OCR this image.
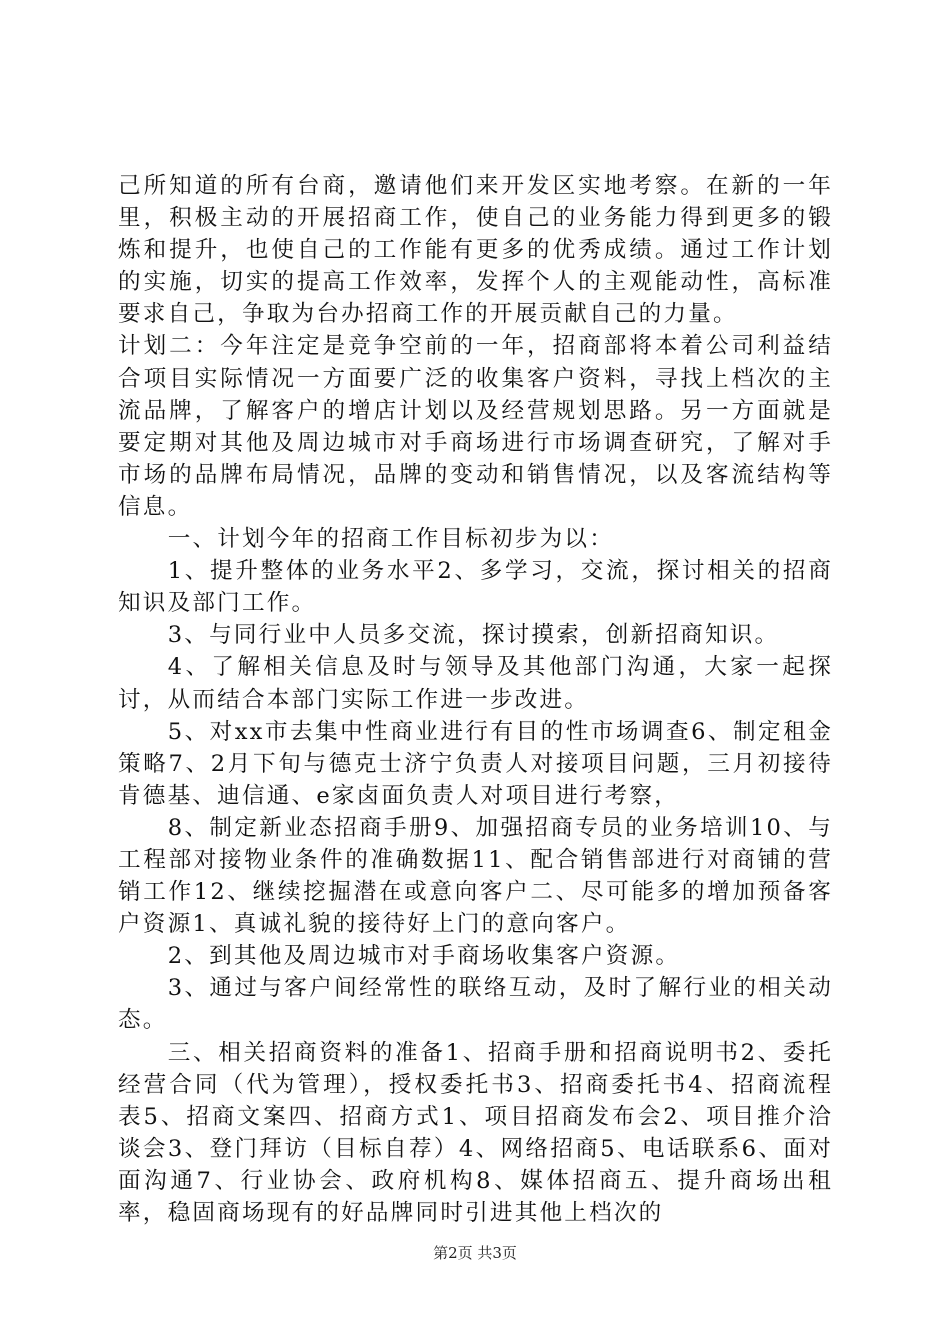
己所知道的所有台商，邀请他们来开发区实地考察。在新的一年里，积极主动的开展招商工作，使自己的业务能力得到更多的锻炼和提升，也使自己的工作能有更多的优秀成绩。通过工作计划的实施，切实的提高工作效率，发挥个人的主观能动性，高标准要求自己，争取为台办招商工作的开展贡献自己的力量。

计划二：今年注定是竞争空前的一年，招商部将本着公司利益结合项目实际情况一方面要广泛的收集客户资料，寻找上档次的主流品牌，了解客户的增店计划以及经营规划思路。另一方面就是要定期对其他及周边城市对手商场进行市场调查研究，了解对手市场的品牌布局情况，品牌的变动和销售情况，以及客流结构等信息。

一、计划今年的招商工作目标初步为以：

1、提升整体的业务水平2、多学习，交流，探讨相关的招商知识及部门工作。

3、与同行业中人员多交流，探讨摸索，创新招商知识。

4、了解相关信息及时与领导及其他部门沟通，大家一起探讨，从而结合本部门实际工作进一步改进。

5、对xx市去集中性商业进行有目的性市场调查6、制定租金策略7、2月下旬与德克士济宁负责人对接项目问题，三月初接待肯德基、迪信通、e家卤面负责人对项目进行考察，

8、制定新业态招商手册9、加强招商专员的业务培训10、与工程部对接物业条件的准确数据11、配合销售部进行对商铺的营销工作12、继续挖掘潜在或意向客户二、尽可能多的增加预备客户资源1、真诚礼貌的接待好上门的意向客户。

2、到其他及周边城市对手商场收集客户资源。

3、通过与客户间经常性的联络互动，及时了解行业的相关动态。

三、相关招商资料的准备1、招商手册和招商说明书2、委托经营合同（代为管理），授权委托书3、招商委托书4、招商流程表5、招商文案四、招商方式1、项目招商发布会2、项目推介洽谈会3、登门拜访（目标自荐）4、网络招商5、电话联系6、面对面沟通7、行业协会、政府机构8、媒体招商五、提升商场出租率，稳固商场现有的好品牌同时引进其他上档次的

第2页 共3页
